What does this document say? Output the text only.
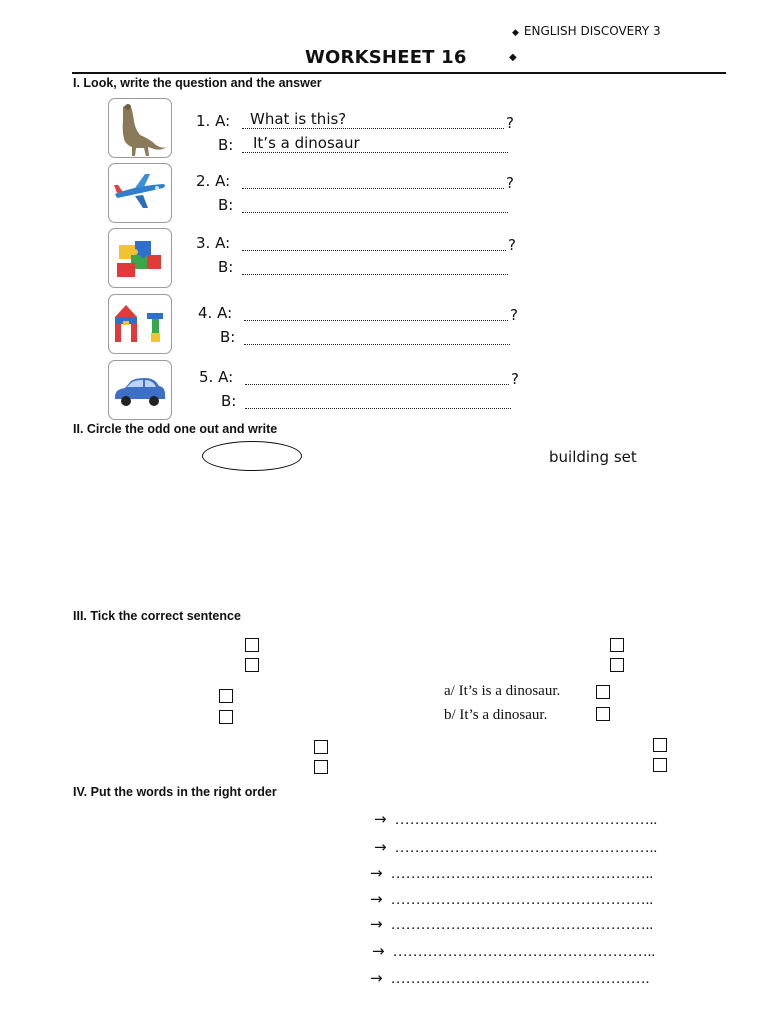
◆ ENGLISH DISCOVERY 3
WORKSHEET 16	◆
I. Look, write the question and the answer
1. A: What is this?	?
B: It’s a dinosaur
2. A:	?
B:
3. A:	?
B:
4. A:	?
B:
5. A:	?
B:
II. Circle the odd one out and write
building set
III. Tick the correct sentence
a/ It’s is a dinosaur.
b/ It’s a dinosaur.
IV. Put the words in the right order
→ ……………………………………………..
→ ……………………………………………..
→ ……………………………………………..
→ ……………………………………………..
→ ……………………………………………..
→ ……………………………………………..
→ …………………………………………….
